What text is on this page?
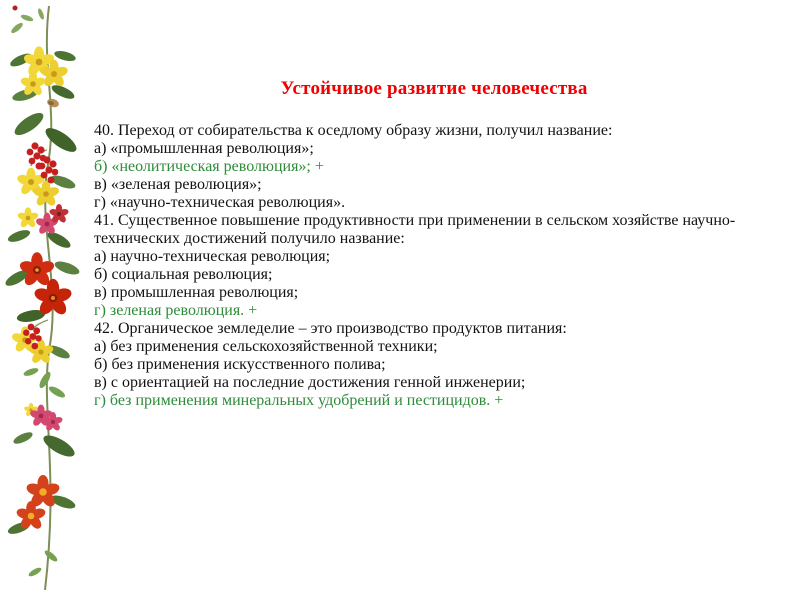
Устойчивое развитие человечества

40. Переход от собирательства к оседлому образу жизни, получил название:

а) «промышленная революция»;

б) «неолитическая революция»; +

в) «зеленая революция»;

г) «научно-техническая революция».

41. Существенное повышение продуктивности при применении в сельском хозяйстве научно-технических достижений получило название:

а) научно-техническая революция;

б) социальная революция;

в) промышленная революция;

г) зеленая революция. +

42. Органическое земледелие – это производство продуктов питания:

а) без применения сельскохозяйственной техники;

б) без применения искусственного полива;

в) с ориентацией на последние достижения генной инженерии;

г) без применения минеральных удобрений и пестицидов. +
